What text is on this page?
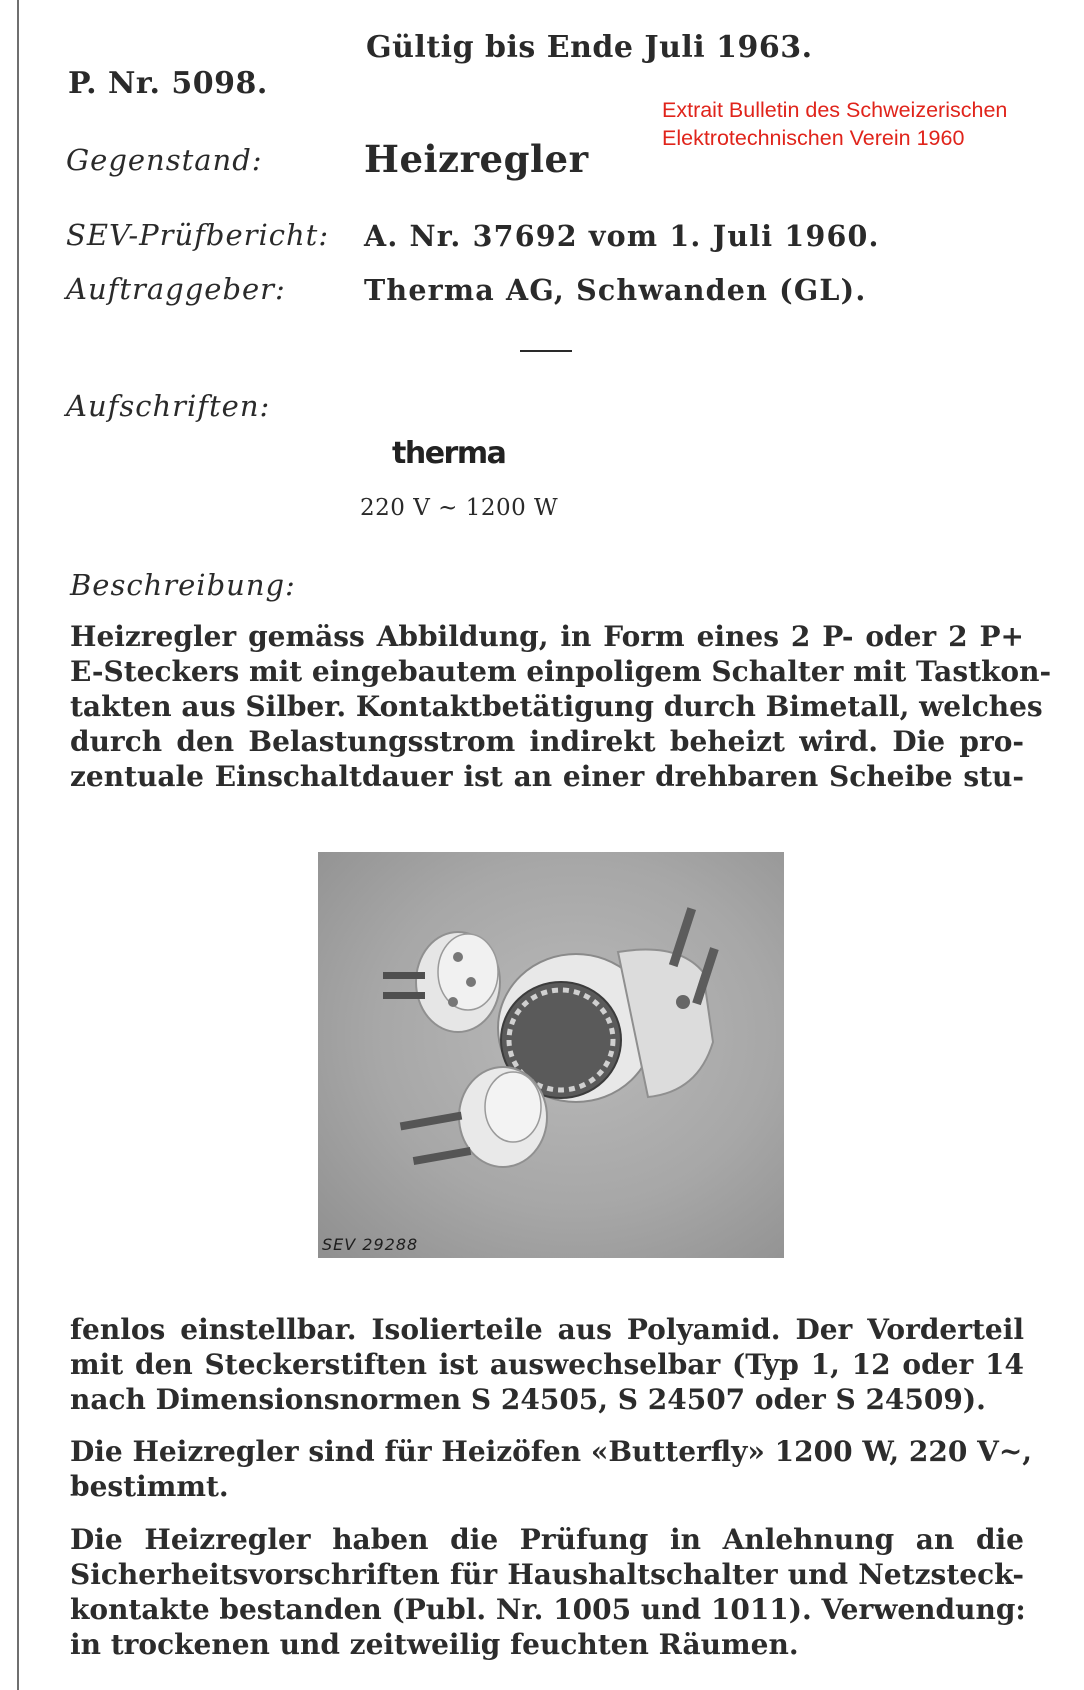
Gültig bis Ende Juli 1963.
P. Nr. 5098.
Extrait Bulletin des Schweizerischen
Elektrotechnischen Verein 1960
Gegenstand:	Heizregler
SEV-Prüfbericht: A. Nr. 37692 vom 1. Juli 1960.
Auftraggeber:	Therma AG, Schwanden (GL).
Aufschriften:
therma
220 V ~ 1200 W
Beschreibung:
Heizregler gemäss Abbildung, in Form eines 2 P- oder 2 P+
E-Steckers mit eingebautem einpoligem Schalter mit Tastkon-
takten aus Silber. Kontaktbetätigung durch Bimetall, welches
durch den Belastungsstrom indirekt beheizt wird. Die pro-
zentuale Einschaltdauer ist an einer drehbaren Scheibe stu-
SEV 29288
fenlos einstellbar. Isolierteile aus Polyamid. Der Vorderteil
mit den Steckerstiften ist auswechselbar (Typ 1, 12 oder 14
nach Dimensionsnormen S 24505, S 24507 oder S 24509).
Die Heizregler sind für Heizöfen «Butterfly» 1200 W, 220 V~,
bestimmt.
Die Heizregler haben die Prüfung in Anlehnung an die
Sicherheitsvorschriften für Haushaltschalter und Netzsteck-
kontakte bestanden (Publ. Nr. 1005 und 1011). Verwendung:
in trockenen und zeitweilig feuchten Räumen.
